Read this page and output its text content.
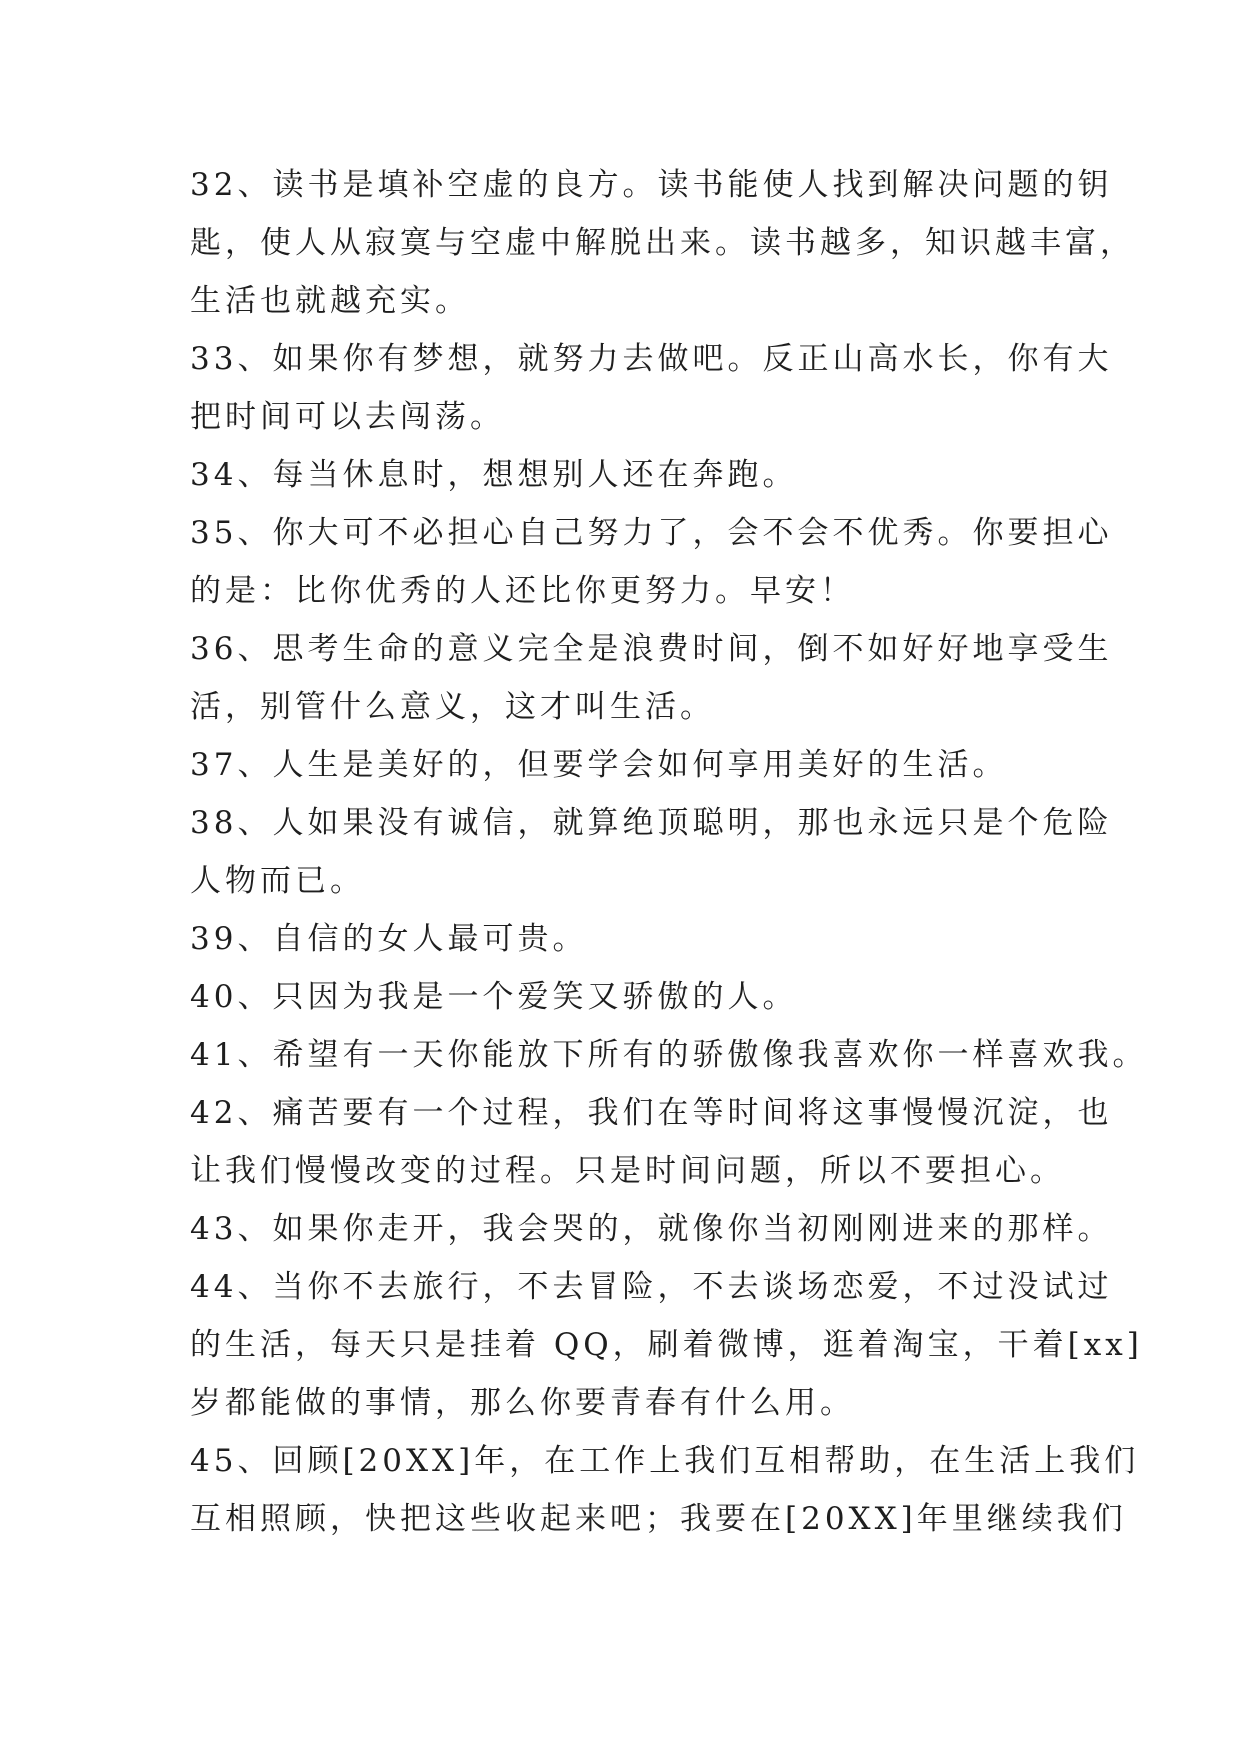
32、读书是填补空虚的良方。读书能使人找到解决问题的钥
匙，使人从寂寞与空虚中解脱出来。读书越多，知识越丰富，
生活也就越充实。
33、如果你有梦想，就努力去做吧。反正山高水长，你有大
把时间可以去闯荡。
34、每当休息时，想想别人还在奔跑。
35、你大可不必担心自己努力了，会不会不优秀。你要担心
的是：比你优秀的人还比你更努力。早安！
36、思考生命的意义完全是浪费时间，倒不如好好地享受生
活，别管什么意义，这才叫生活。
37、人生是美好的，但要学会如何享用美好的生活。
38、人如果没有诚信，就算绝顶聪明，那也永远只是个危险
人物而已。
39、自信的女人最可贵。
40、只因为我是一个爱笑又骄傲的人。
41、希望有一天你能放下所有的骄傲像我喜欢你一样喜欢我。
42、痛苦要有一个过程，我们在等时间将这事慢慢沉淀，也
让我们慢慢改变的过程。只是时间问题，所以不要担心。
43、如果你走开，我会哭的，就像你当初刚刚进来的那样。
44、当你不去旅行，不去冒险，不去谈场恋爱，不过没试过
的生活，每天只是挂着 QQ，刷着微博，逛着淘宝，干着[xx]
岁都能做的事情，那么你要青春有什么用。
45、回顾[20XX]年，在工作上我们互相帮助，在生活上我们
互相照顾，快把这些收起来吧；我要在[20XX]年里继续我们
